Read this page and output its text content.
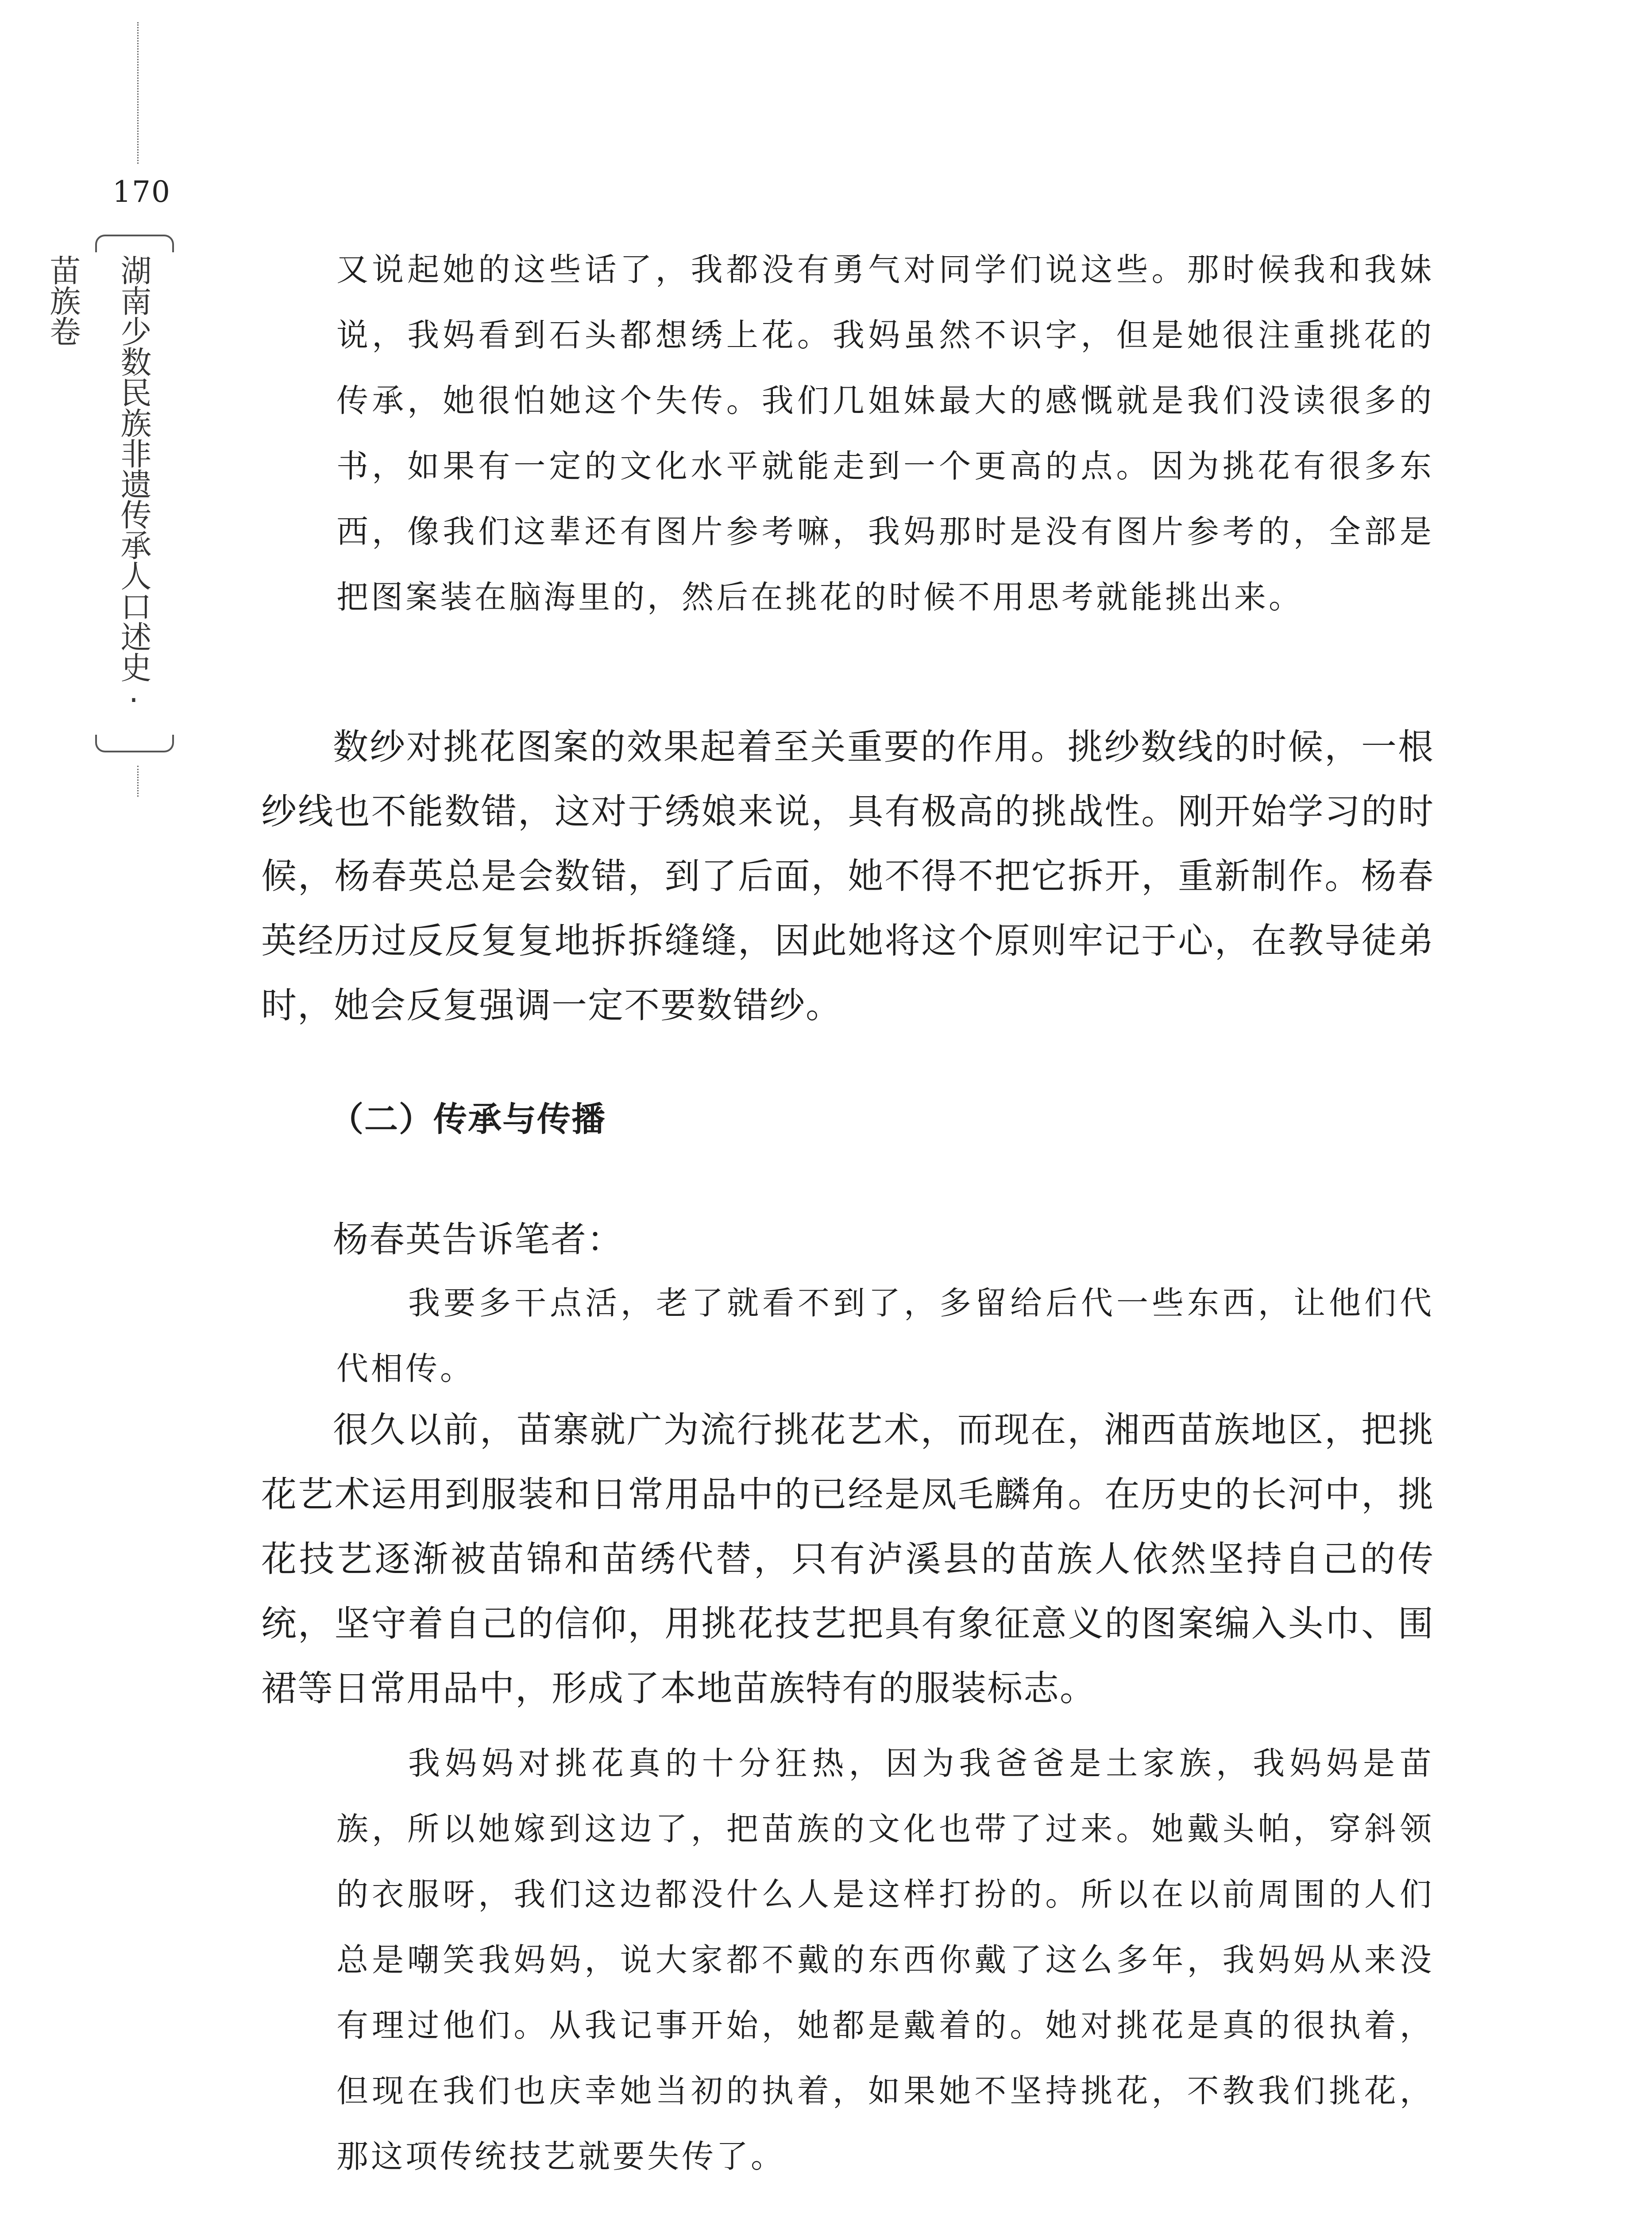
170
湖南少数民族非遗传承人口述史·苗族卷	又说起她的这些话了，我都没有勇气对同学们说这些。那时候我和我妹说，我妈看到石头都想绣上花。我妈虽然不识字，但是她很注重挑花的传承，她很怕她这个失传。我们几姐妹最大的感慨就是我们没读很多的书，如果有一定的文化水平就能走到一个更高的点。因为挑花有很多东西，像我们这辈还有图片参考嘛，我妈那时是没有图片参考的，全部是把图案装在脑海里的，然后在挑花的时候不用思考就能挑出来。

数纱对挑花图案的效果起着至关重要的作用。挑纱数线的时候，一根纱线也不能数错，这对于绣娘来说，具有极高的挑战性。刚开始学习的时候，杨春英总是会数错，到了后面，她不得不把它拆开，重新制作。杨春英经历过反反复复地拆拆缝缝，因此她将这个原则牢记于心，在教导徒弟时，她会反复强调一定不要数错纱。

（二）传承与传播

杨春英告诉笔者：

我要多干点活，老了就看不到了，多留给后代一些东西，让他们代代相传。

很久以前，苗寨就广为流行挑花艺术，而现在，湘西苗族地区，把挑花艺术运用到服装和日常用品中的已经是凤毛麟角。在历史的长河中，挑花技艺逐渐被苗锦和苗绣代替，只有泸溪县的苗族人依然坚持自己的传统，坚守着自己的信仰，用挑花技艺把具有象征意义的图案编入头巾、围裙等日常用品中，形成了本地苗族特有的服装标志。

我妈妈对挑花真的十分狂热，因为我爸爸是土家族，我妈妈是苗族，所以她嫁到这边了，把苗族的文化也带了过来。她戴头帕，穿斜领的衣服呀，我们这边都没什么人是这样打扮的。所以在以前周围的人们总是嘲笑我妈妈，说大家都不戴的东西你戴了这么多年，我妈妈从来没有理过他们。从我记事开始，她都是戴着的。她对挑花是真的很执着，但现在我们也庆幸她当初的执着，如果她不坚持挑花，不教我们挑花，那这项传统技艺就要失传了。
